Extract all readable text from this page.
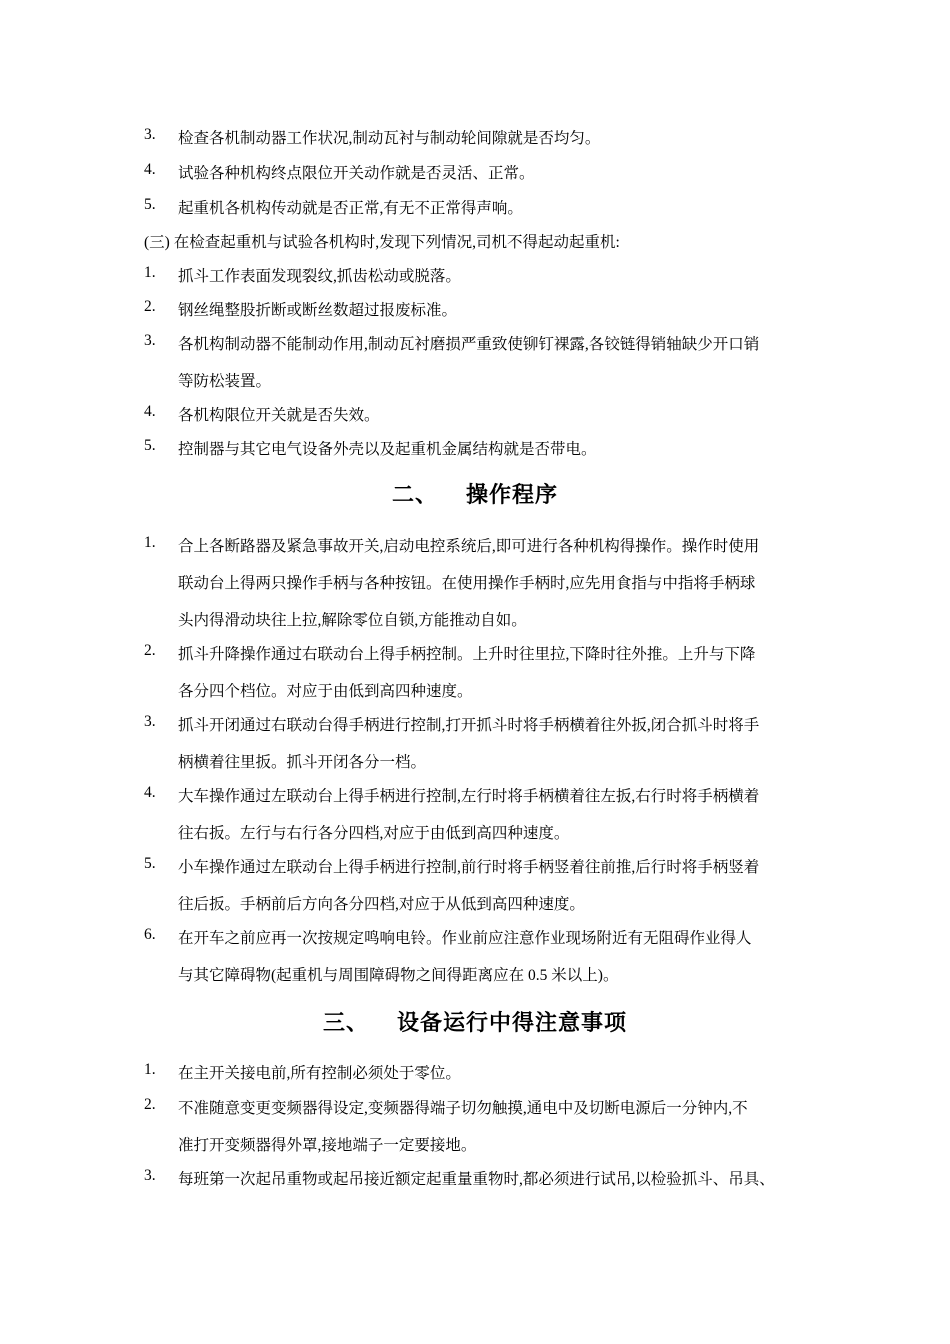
3. 检查各机制动器工作状况,制动瓦衬与制动轮间隙就是否均匀。
4. 试验各种机构终点限位开关动作就是否灵活、正常。
5. 起重机各机构传动就是否正常,有无不正常得声响。
(三) 在检查起重机与试验各机构时,发现下列情况,司机不得起动起重机:
1. 抓斗工作表面发现裂纹,抓齿松动或脱落。
2. 钢丝绳整股折断或断丝数超过报废标准。
3. 各机构制动器不能制动作用,制动瓦衬磨损严重致使铆钉裸露,各铰链得销轴缺少开口销
等防松装置。
4. 各机构限位开关就是否失效。
5. 控制器与其它电气设备外壳以及起重机金属结构就是否带电。
二、 操作程序
1. 合上各断路器及紧急事故开关,启动电控系统后,即可进行各种机构得操作。操作时使用
联动台上得两只操作手柄与各种按钮。在使用操作手柄时,应先用食指与中指将手柄球
头内得滑动块往上拉,解除零位自锁,方能推动自如。
2. 抓斗升降操作通过右联动台上得手柄控制。上升时往里拉,下降时往外推。上升与下降
各分四个档位。对应于由低到高四种速度。
3. 抓斗开闭通过右联动台得手柄进行控制,打开抓斗时将手柄横着往外扳,闭合抓斗时将手
柄横着往里扳。抓斗开闭各分一档。
4. 大车操作通过左联动台上得手柄进行控制,左行时将手柄横着往左扳,右行时将手柄横着
往右扳。左行与右行各分四档,对应于由低到高四种速度。
5. 小车操作通过左联动台上得手柄进行控制,前行时将手柄竖着往前推,后行时将手柄竖着
往后扳。手柄前后方向各分四档,对应于从低到高四种速度。
6. 在开车之前应再一次按规定鸣响电铃。作业前应注意作业现场附近有无阻碍作业得人
与其它障碍物(起重机与周围障碍物之间得距离应在 0.5 米以上)。
三、 设备运行中得注意事项
1. 在主开关接电前,所有控制必须处于零位。
2. 不准随意变更变频器得设定,变频器得端子切勿触摸,通电中及切断电源后一分钟内,不
准打开变频器得外罩,接地端子一定要接地。
3. 每班第一次起吊重物或起吊接近额定起重量重物时,都必须进行试吊,以检验抓斗、吊具、
